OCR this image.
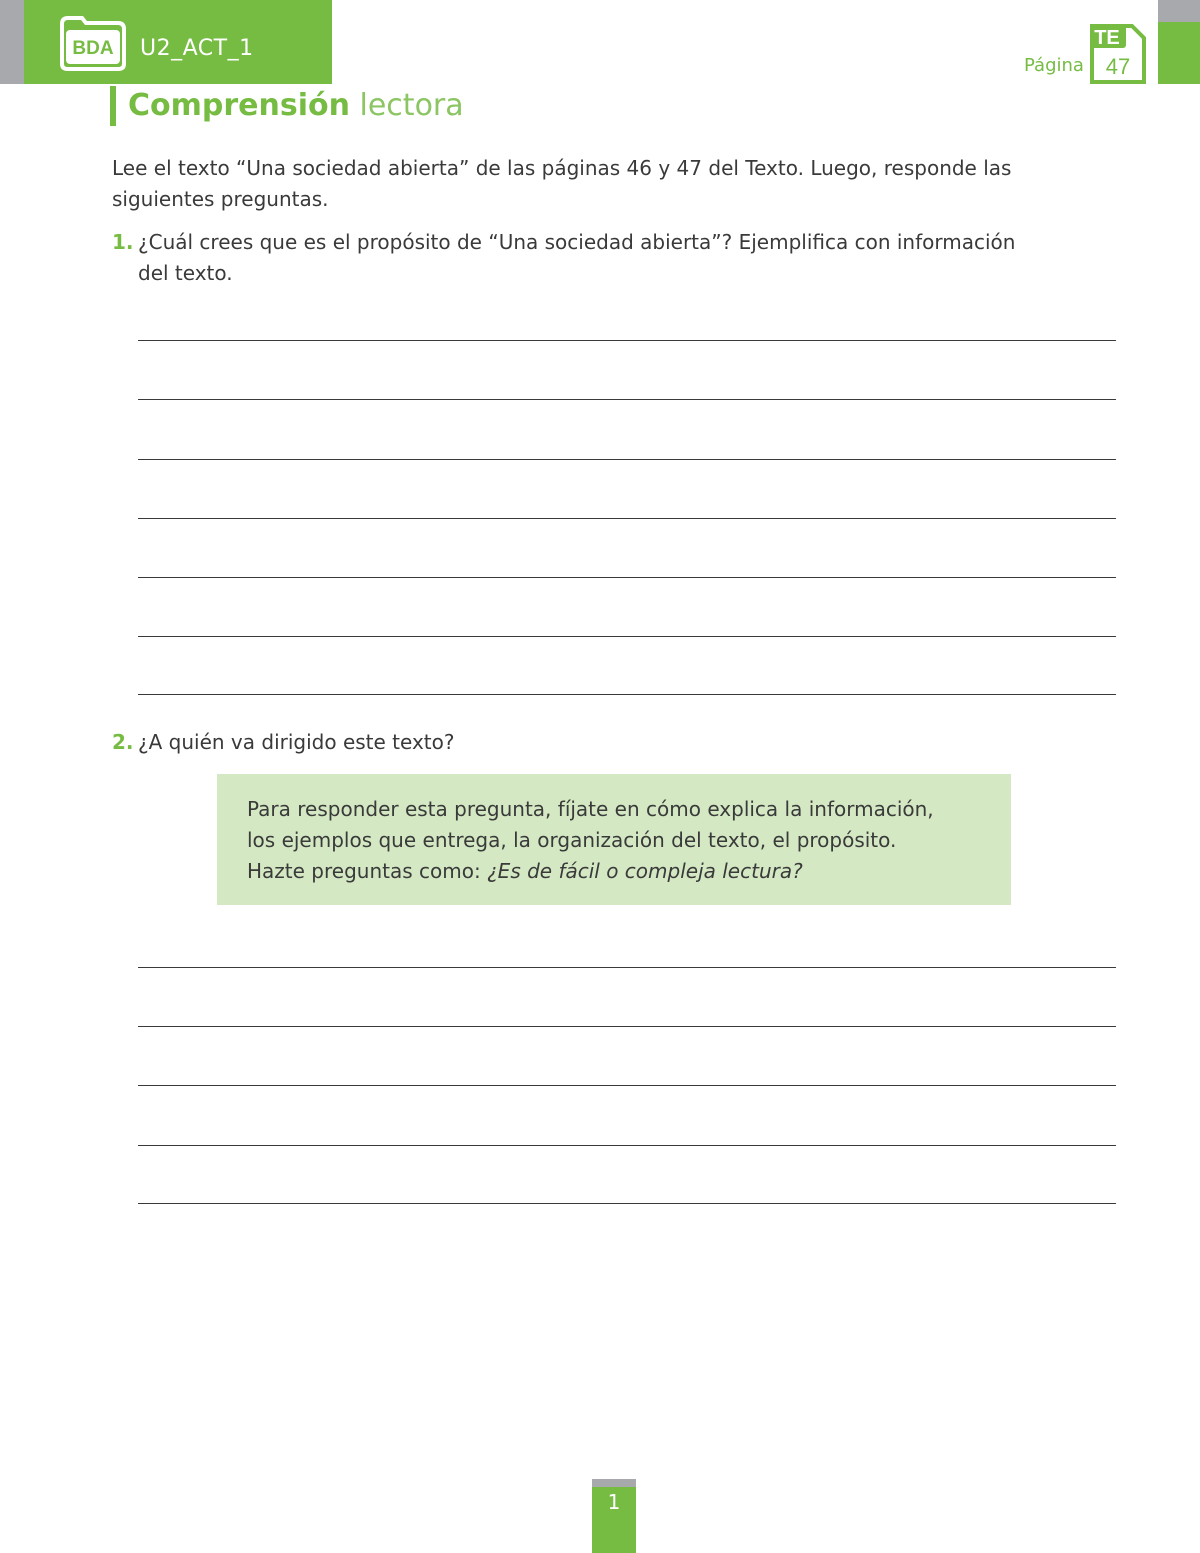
BDA U2_ACT_1
Página
TE
47
Comprensión lectora
Lee el texto “Una sociedad abierta” de las páginas 46 y 47 del Texto. Luego, responde las
siguientes preguntas.
1. ¿Cuál crees que es el propósito de “Una sociedad abierta”? Ejemplifica con información
del texto.
2. ¿A quién va dirigido este texto?
Para responder esta pregunta, fíjate en cómo explica la información,
los ejemplos que entrega, la organización del texto, el propósito.
Hazte preguntas como: ¿Es de fácil o compleja lectura?
1
